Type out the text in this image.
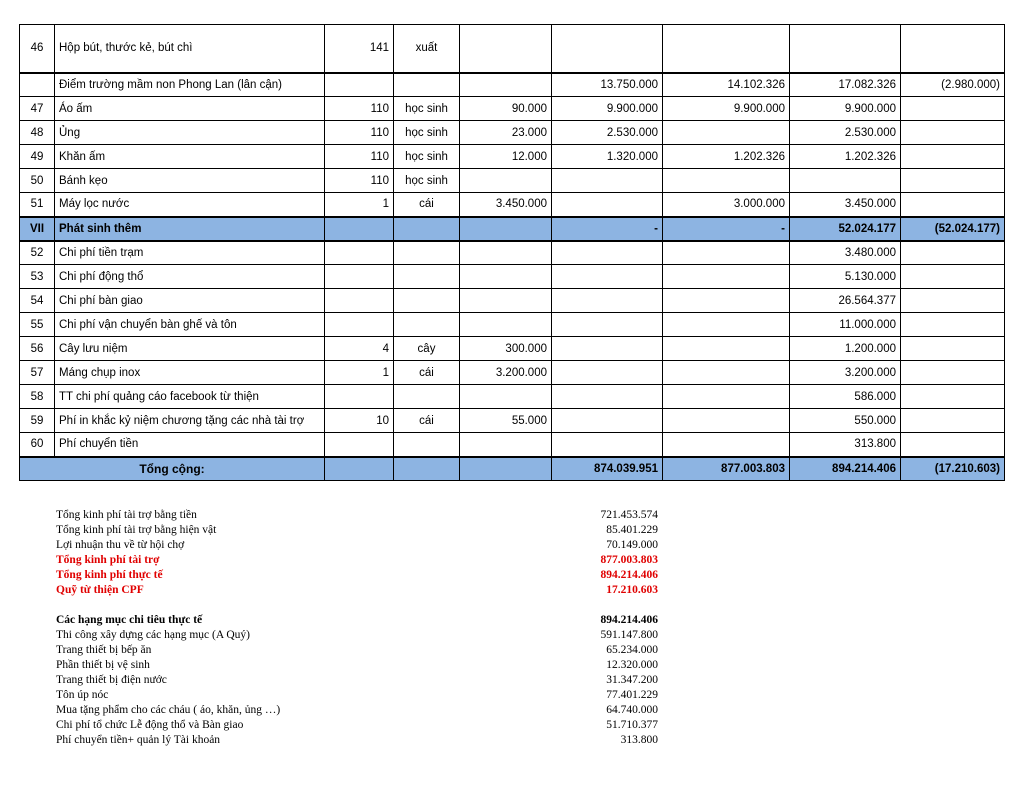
46	Hộp bút, thước kẻ, bút chì	141	xuất					
	Điểm trường mầm non Phong Lan (lân cận)				13.750.000	14.102.326	17.082.326	(2.980.000)
47	Áo ấm	110	học sinh	90.000	9.900.000	9.900.000	9.900.000	
48	Ủng	110	học sinh	23.000	2.530.000		2.530.000	
49	Khăn ấm	110	học sinh	12.000	1.320.000	1.202.326	1.202.326	
50	Bánh kẹo	110	học sinh					
51	Máy lọc nước	1	cái	3.450.000		3.000.000	3.450.000	
VII	Phát sinh thêm				-	-	52.024.177	(52.024.177)
52	Chi phí tiền trạm						3.480.000	
53	Chi phí động thổ						5.130.000	
54	Chi phí bàn giao						26.564.377	
55	Chi phí vận chuyển bàn ghế và tôn						11.000.000	
56	Cây lưu niệm	4	cây	300.000			1.200.000	
57	Máng chụp inox	1	cái	3.200.000			3.200.000	
58	TT chi phí quảng cáo facebook từ thiện						586.000	
59	Phí in khắc kỷ niệm chương tặng các nhà tài trợ	10	cái	55.000			550.000	
60	Phí chuyển tiền						313.800	
Tổng cộng:					874.039.951	877.003.803	894.214.406	(17.210.603)
Tổng kinh phí tài trợ bằng tiền	721.453.574
Tổng kinh phí tài trợ bằng hiện vật	85.401.229
Lợi nhuận thu về từ hội chợ	70.149.000
Tổng kinh phí tài trợ	877.003.803
Tổng kinh phí thực tế	894.214.406
Quỹ từ thiện CPF	17.210.603
Các hạng mục chi tiêu thực tế	894.214.406
Thi công xây dựng các hạng mục (A Quý)	591.147.800
Trang thiết bị bếp ăn	65.234.000
Phần thiết bị vệ sinh	12.320.000
Trang thiết bị điện nước	31.347.200
Tôn úp nóc	77.401.229
Mua tặng phẩm cho các cháu ( áo, khăn, ủng …)	64.740.000
Chi phí tổ chức Lễ động thổ và Bàn giao	51.710.377
Phí chuyển tiền+ quản lý Tài khoản	313.800
